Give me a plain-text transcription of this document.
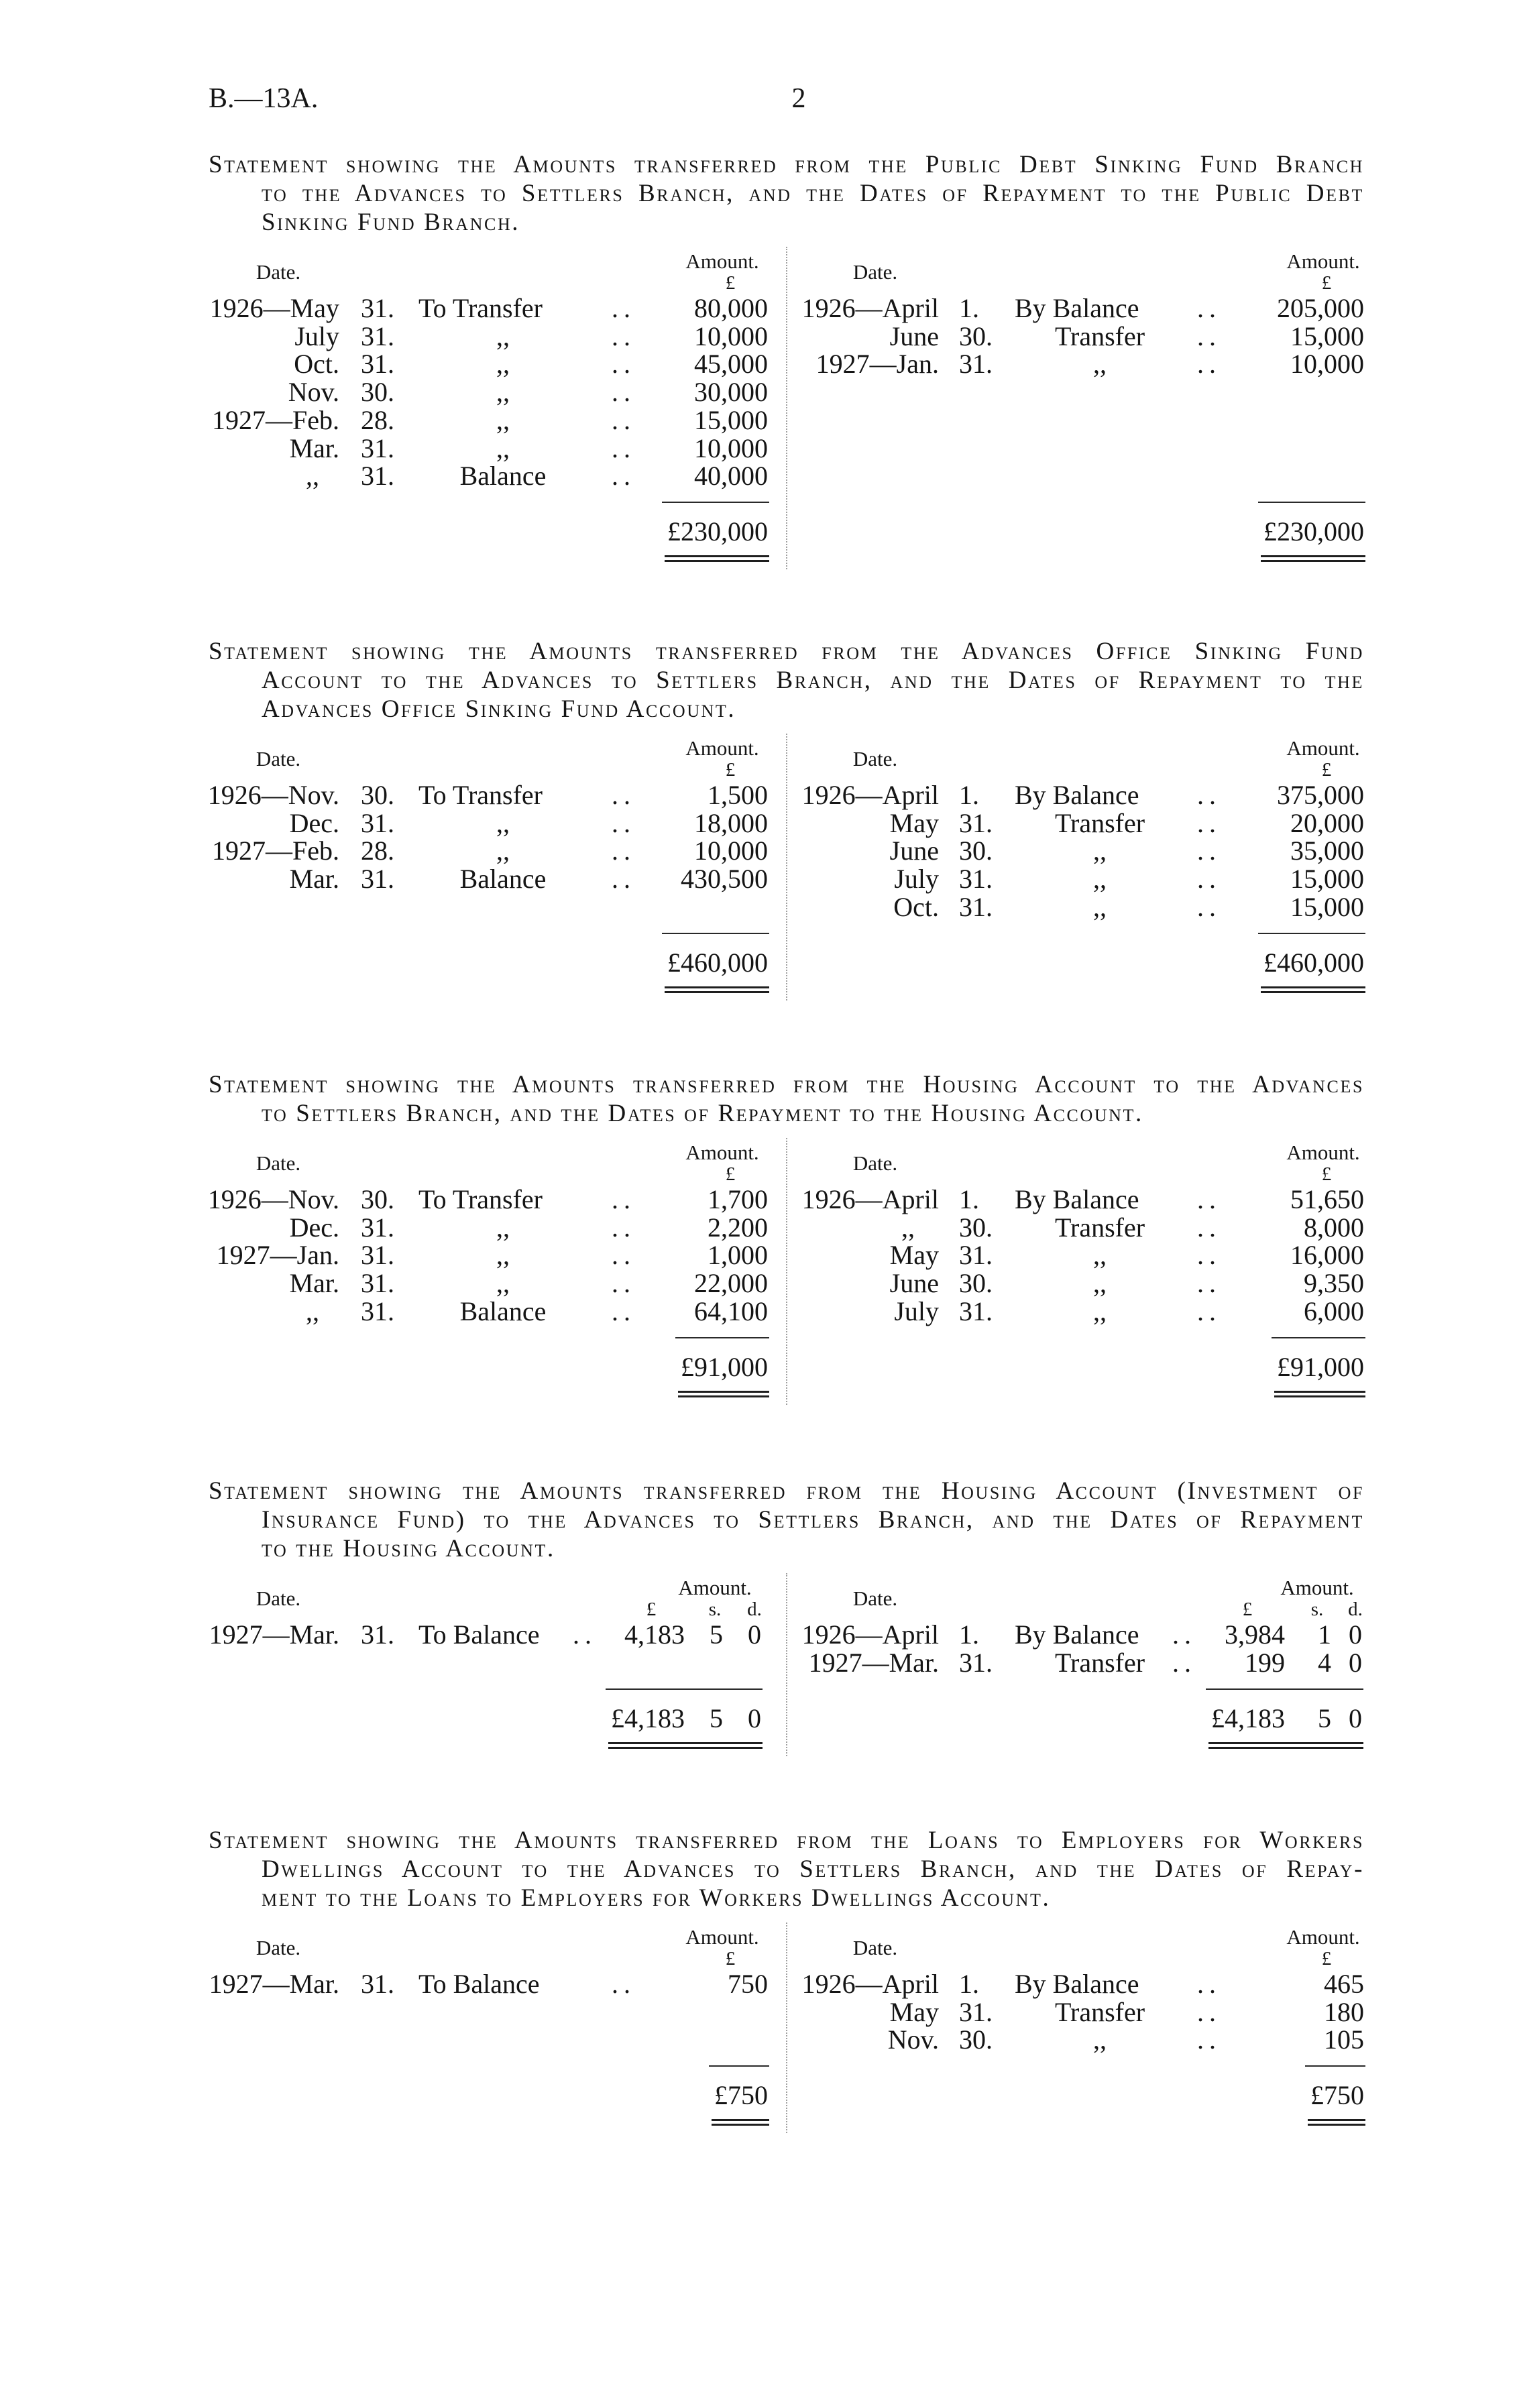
B.—13A.	2
Statement showing the Amounts transferred from the Public Debt Sinking Fund Branch
to the Advances to Settlers Branch, and the Dates of Repayment to the Public Debt
Sinking Fund Branch.
Date.	Amount.
£
1926—May 31. To Transfer	.. 80,000
July 31.	,,	.. 10,000
Oct. 31.	,,	.. 45,000
Nov. 30.	,,	.. 30,000
1927—Feb. 28.	,,	.. 15,000
Mar. 31.	,,	.. 10,000
,, 31. Balance .. 40,000
£230,000
Date.	Amount.
£
1926—April 1. By Balance .. 205,000
June 30. Transfer ..	15,000
1927—Jan. 31.	,,	..	10,000
£230,000
Statement showing the Amounts transferred from the Advances Office Sinking Fund
Account to the Advances to Settlers Branch, and the Dates of Repayment to the
Advances Office Sinking Fund Account.
Date.	Amount.
£
1926—Nov. 30. To Transfer	..	1,500
Dec. 31.	,,	.. 18,000
1927—Feb. 28.	,,	.. 10,000
Mar. 31. Balance .. 430,500
£460,000
Date.	Amount.
£
1926—April 1. By Balance .. 375,000
May 31. Transfer ..	20,000
June 30.	,,	..	35,000
July 31.	,,	..	15,000
Oct. 31.	,,	..	15,000
£460,000
Statement showing the Amounts transferred from the Housing Account to the Advances
to Settlers Branch, and the Dates of Repayment to the Housing Account.
Date.	Amount.
£
1926—Nov. 30. To Transfer	..	1,700
Dec. 31.	,,	..	2,200
1927—Jan. 31.	,,	..	1,000
Mar. 31.	,,	.. 22,000
,, 31. Balance .. 64,100
£91,000
Date.	Amount.
£
1926—April 1. By Balance ..	51,650
,, 30. Transfer ..	8,000
May 31.	,,	..	16,000
June 30.	,,	..	9,350
July 31.	,,	..	6,000
£91,000
Statement showing the Amounts transferred from the Housing Account (Investment of
Insurance Fund) to the Advances to Settlers Branch, and the Dates of Repayment
to the Housing Account.
Date.	Amount.
£	s. d.
1927—Mar. 31. To Balance .. 4,183 5 0
£4,183 5 0
Date.	Amount.
£	s. d.
1926—April 1. By Balance .. 3,984 1 0
1927—Mar. 31. Transfer .. 199 4 0
£4,183 5 0
Statement showing the Amounts transferred from the Loans to Employers for Workers
Dwellings Account to the Advances to Settlers Branch, and the Dates of Repay-
ment to the Loans to Employers for Workers Dwellings Account.
Date.	Amount.
£
1927—Mar. 31. To Balance	..	750
£750
Date.	Amount.
£
1926—April 1. By Balance ..	465
May 31. Transfer ..	180
Nov. 30.	,,	..	105
£750
